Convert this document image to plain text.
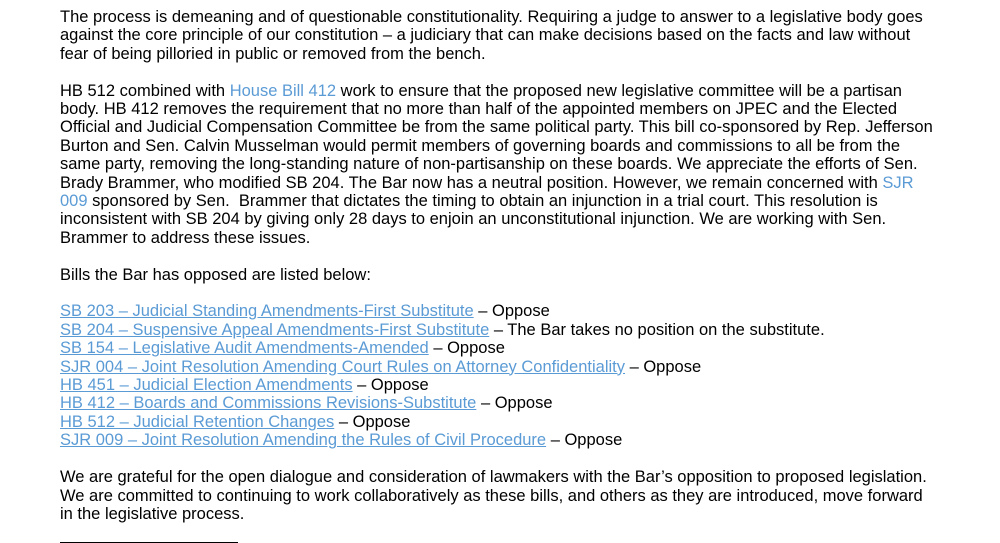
The process is demeaning and of questionable constitutionality. Requiring a judge to answer to a legislative body goes against the core principle of our constitution – a judiciary that can make decisions based on the facts and law without fear of being pilloried in public or removed from the bench.

HB 512 combined with House Bill 412 work to ensure that the proposed new legislative committee will be a partisan body. HB 412 removes the requirement that no more than half of the appointed members on JPEC and the Elected Official and Judicial Compensation Committee be from the same political party. This bill co-sponsored by Rep. Jefferson Burton and Sen. Calvin Musselman would permit members of governing boards and commissions to all be from the same party, removing the long-standing nature of non-partisanship on these boards. We appreciate the efforts of Sen. Brady Brammer, who modified SB 204. The Bar now has a neutral position. However, we remain concerned with SJR 009 sponsored by Sen.  Brammer that dictates the timing to obtain an injunction in a trial court. This resolution is inconsistent with SB 204 by giving only 28 days to enjoin an unconstitutional injunction. We are working with Sen. Brammer to address these issues.

Bills the Bar has opposed are listed below:

SB 203 – Judicial Standing Amendments-First Substitute – Oppose
SB 204 – Suspensive Appeal Amendments-First Substitute – The Bar takes no position on the substitute.
SB 154 – Legislative Audit Amendments-Amended – Oppose
SJR 004 – Joint Resolution Amending Court Rules on Attorney Confidentiality – Oppose
HB 451 – Judicial Election Amendments – Oppose
HB 412 – Boards and Commissions Revisions-Substitute – Oppose
HB 512 – Judicial Retention Changes – Oppose
SJR 009 – Joint Resolution Amending the Rules of Civil Procedure – Oppose

We are grateful for the open dialogue and consideration of lawmakers with the Bar’s opposition to proposed legislation. We are committed to continuing to work collaboratively as these bills, and others as they are introduced, move forward in the legislative process.
